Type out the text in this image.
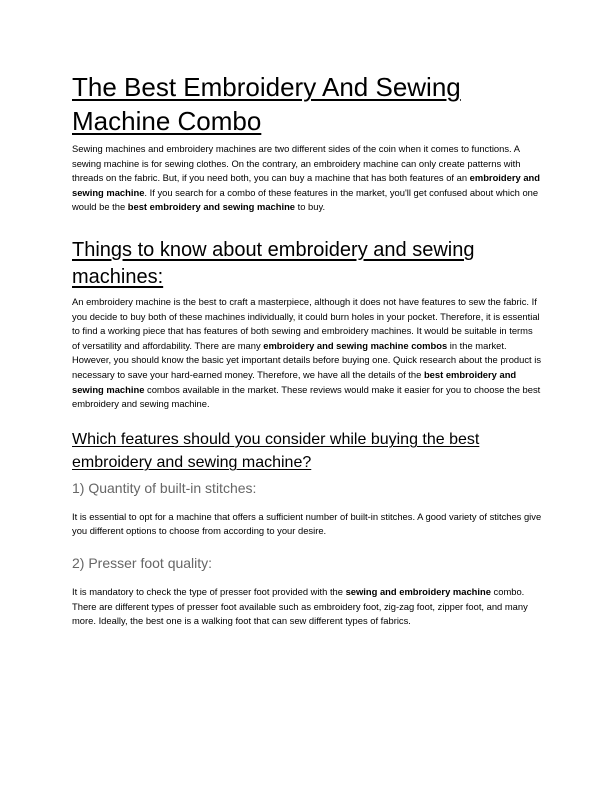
The Best Embroidery And Sewing Machine Combo

Sewing machines and embroidery machines are two different sides of the coin when it comes to functions. A sewing machine is for sewing clothes. On the contrary, an embroidery machine can only create patterns with threads on the fabric. But, if you need both, you can buy a machine that has both features of an embroidery and sewing machine. If you search for a combo of these features in the market, you'll get confused about which one would be the best embroidery and sewing machine to buy.

Things to know about embroidery and sewing machines:

An embroidery machine is the best to craft a masterpiece, although it does not have features to sew the fabric. If you decide to buy both of these machines individually, it could burn holes in your pocket. Therefore, it is essential to find a working piece that has features of both sewing and embroidery machines. It would be suitable in terms of versatility and affordability. There are many embroidery and sewing machine combos in the market. However, you should know the basic yet important details before buying one. Quick research about the product is necessary to save your hard-earned money. Therefore, we have all the details of the best embroidery and sewing machine combos available in the market. These reviews would make it easier for you to choose the best embroidery and sewing machine.

Which features should you consider while buying the best embroidery and sewing machine?
1) Quantity of built-in stitches:

It is essential to opt for a machine that offers a sufficient number of built-in stitches. A good variety of stitches give you different options to choose from according to your desire.

2) Presser foot quality:

It is mandatory to check the type of presser foot provided with the sewing and embroidery machine combo. There are different types of presser foot available such as embroidery foot, zig-zag foot, zipper foot, and many more. Ideally, the best one is a walking foot that can sew different types of fabrics.
